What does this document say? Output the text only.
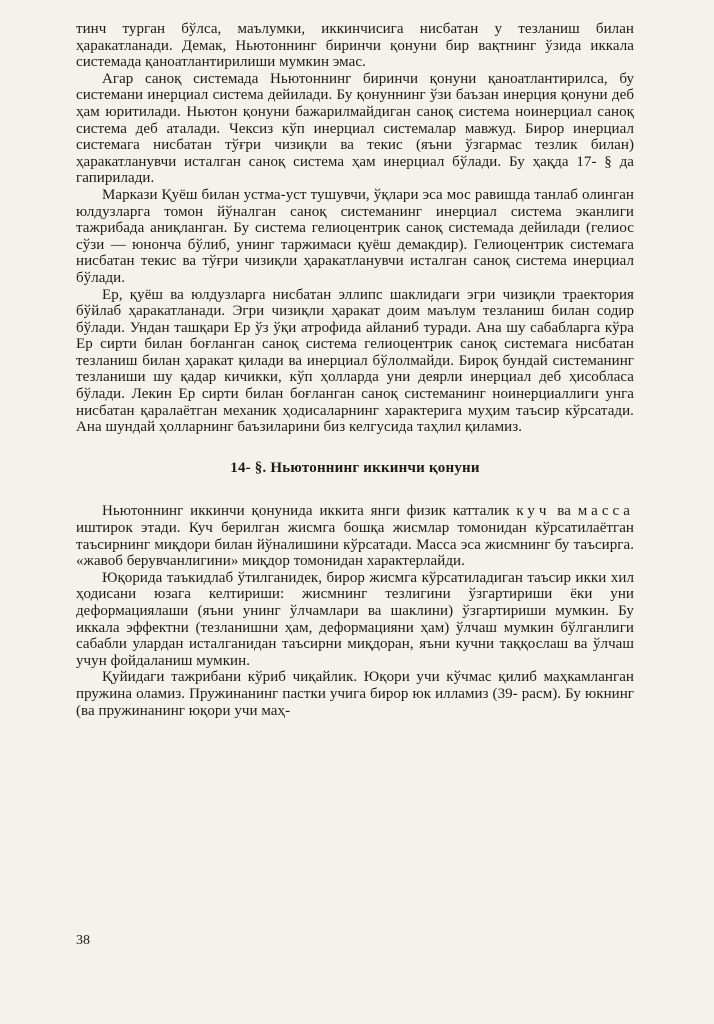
тинч турган бўлса, маълумки, иккинчисига нисбатан у тезланиш билан ҳаракатланади. Демак, Ньютоннинг биринчи қонуни бир вақтнинг ўзида иккала системада қаноатлантирилиши мумкин эмас.

Агар саноқ системада Ньютоннинг биринчи қонуни қаноатлантирилса, бу системани инерциал система дейилади. Бу қонуннинг ўзи баъзан инерция қонуни деб ҳам юритилади. Ньютон қонуни бажарилмайдиган саноқ система ноинерциал саноқ система деб аталади. Чексиз кўп инерциал системалар мавжуд. Бирор инерциал системага нисбатан тўғри чизиқли ва текис (яъни ўзгармас тезлик билан) ҳаракатланувчи исталган саноқ система ҳам инерциал бўлади. Бу ҳақда 17- § да гапирилади.

Маркази Қуёш билан устма-уст тушувчи, ўқлари эса мос равишда танлаб олинган юлдузларга томон йўналган саноқ системанинг инерциал система эканлиги тажрибада аниқланган. Бу система гелиоцентрик саноқ системада дейилади (гелиос сўзи — юнонча бўлиб, унинг таржимаси қуёш демакдир). Гелиоцентрик системага нисбатан текис ва тўғри чизиқли ҳаракатланувчи исталган саноқ система инерциал бўлади.

Ер, қуёш ва юлдузларга нисбатан эллипс шаклидаги эгри чизиқли траектория бўйлаб ҳаракатланади. Эгри чизиқли ҳаракат доим маълум тезланиш билан содир бўлади. Ундан ташқари Ер ўз ўқи атрофида айланиб туради. Ана шу сабабларга кўра Ер сирти билан боғланган саноқ система гелиоцентрик саноқ системага нисбатан тезланиш билан ҳаракат қилади ва инерциал бўлолмайди. Бироқ бундай системанинг тезланиши шу қадар кичикки, кўп ҳолларда уни деярли инерциал деб ҳисобласа бўлади. Лекин Ер сирти билан боғланган саноқ системанинг ноинерциаллиги унга нисбатан қаралаётган механик ҳодисаларнинг характерига муҳим таъсир кўрсатади. Ана шундай ҳолларнинг баъзиларини биз келгусида таҳлил қиламиз.

14- §. Ньютоннинг иккинчи қонуни

Ньютоннинг иккинчи қонунида иккита янги физик катталик куч ва масса иштирок этади. Куч берилган жисмга бошқа жисмлар томонидан кўрсатилаётган таъсирнинг миқдори билан йўналишини кўрсатади. Масса эса жисмнинг бу таъсирга. «жавоб берувчанлигини» миқдор томонидан характерлайди.

Юқорида таъкидлаб ўтилганидек, бирор жисмга кўрсатиладиган таъсир икки хил ҳодисани юзага келтириши: жисмнинг тезлигини ўзгартириши ёки уни деформациялаши (яъни унинг ўлчамлари ва шаклини) ўзгартириши мумкин. Бу иккала эффектни (тезланишни ҳам, деформацияни ҳам) ўлчаш мумкин бўлганлиги сабабли улардан исталганидан таъсирни миқдоран, яъни кучни таққослаш ва ўлчаш учун фойдаланиш мумкин.

Қуйидаги тажрибани кўриб чиқайлик. Юқори учи кўчмас қилиб маҳкамланган пружина оламиз. Пружинанинг пастки учига бирор юк илламиз (39- расм). Бу юкнинг (ва пружинанинг юқори учи маҳ-

38
